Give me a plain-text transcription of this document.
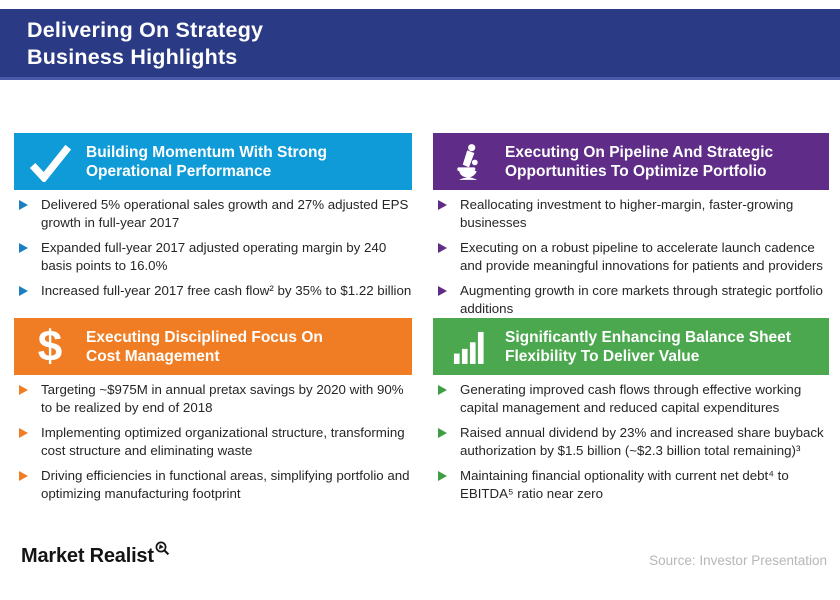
Delivering On Strategy
Business Highlights
Building Momentum With Strong
Operational Performance
Delivered 5% operational sales growth and 27% adjusted EPS growth in full-year 2017
Expanded full-year 2017 adjusted operating margin by 240 basis points to 16.0%
Increased full-year 2017 free cash flow² by 35% to $1.22 billion
$ Executing Disciplined Focus On
Cost Management
Targeting ~$975M in annual pretax savings by 2020 with 90% to be realized by end of 2018
Implementing optimized organizational structure, transforming cost structure and eliminating waste
Driving efficiencies in functional areas, simplifying portfolio and optimizing manufacturing footprint
Executing On Pipeline And Strategic
Opportunities To Optimize Portfolio
Reallocating investment to higher-margin, faster-growing businesses
Executing on a robust pipeline to accelerate launch cadence and provide meaningful innovations for patients and providers
Augmenting growth in core markets through strategic portfolio additions
Significantly Enhancing Balance Sheet
Flexibility To Deliver Value
Generating improved cash flows through effective working capital management and reduced capital expenditures
Raised annual dividend by 23% and increased share buyback authorization by $1.5 billion (~$2.3 billion total remaining)³
Maintaining financial optionality with current net debt⁴ to EBITDA⁵ ratio near zero
Market Realist	Source: Investor Presentation
